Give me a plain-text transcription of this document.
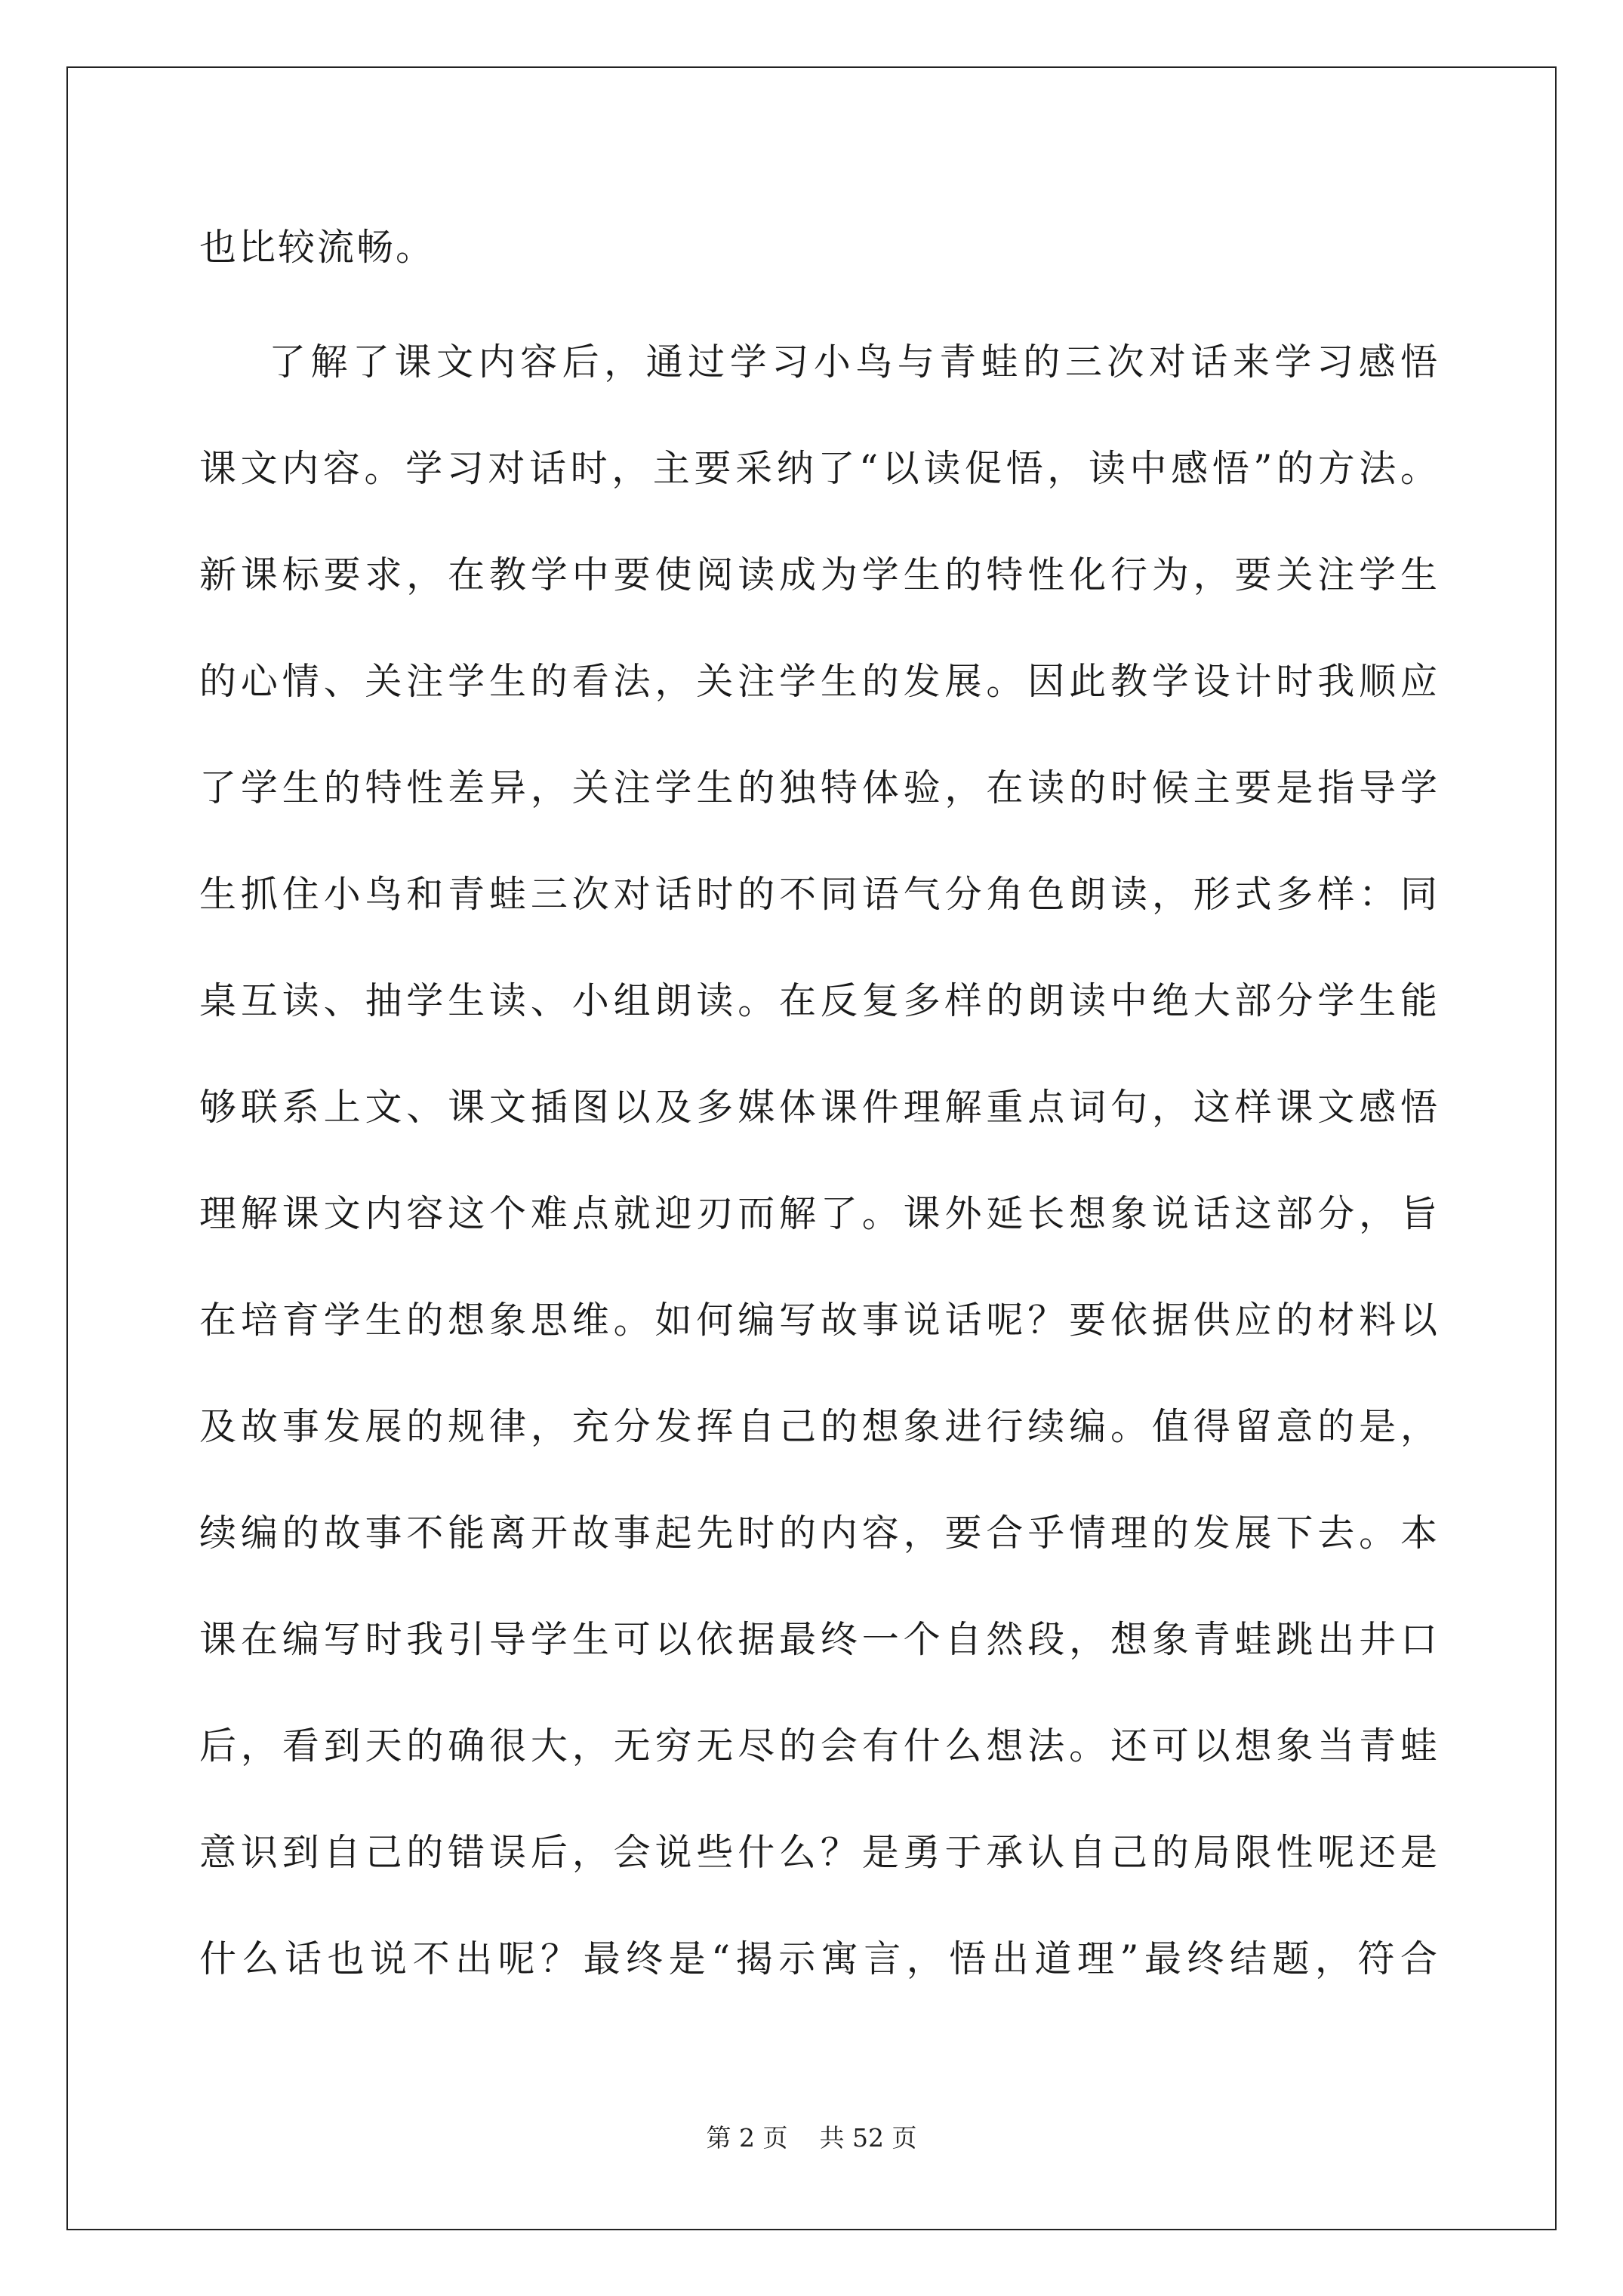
也比较流畅。
了解了课文内容后，通过学习小鸟与青蛙的三次对话来学习感悟
课文内容。学习对话时，主要采纳了“以读促悟，读中感悟”的方法。
新课标要求，在教学中要使阅读成为学生的特性化行为，要关注学生
的心情、关注学生的看法，关注学生的发展。因此教学设计时我顺应
了学生的特性差异，关注学生的独特体验，在读的时候主要是指导学
生抓住小鸟和青蛙三次对话时的不同语气分角色朗读，形式多样：同
桌互读、抽学生读、小组朗读。在反复多样的朗读中绝大部分学生能
够联系上文、课文插图以及多媒体课件理解重点词句，这样课文感悟
理解课文内容这个难点就迎刃而解了。课外延长想象说话这部分，旨
在培育学生的想象思维。如何编写故事说话呢？要依据供应的材料以
及故事发展的规律，充分发挥自己的想象进行续编。值得留意的是，
续编的故事不能离开故事起先时的内容，要合乎情理的发展下去。本
课在编写时我引导学生可以依据最终一个自然段，想象青蛙跳出井口
后，看到天的确很大，无穷无尽的会有什么想法。还可以想象当青蛙
意识到自己的错误后，会说些什么？是勇于承认自己的局限性呢还是
什么话也说不出呢？最终是“揭示寓言，悟出道理”最终结题，符合
第 2 页 共 52 页
